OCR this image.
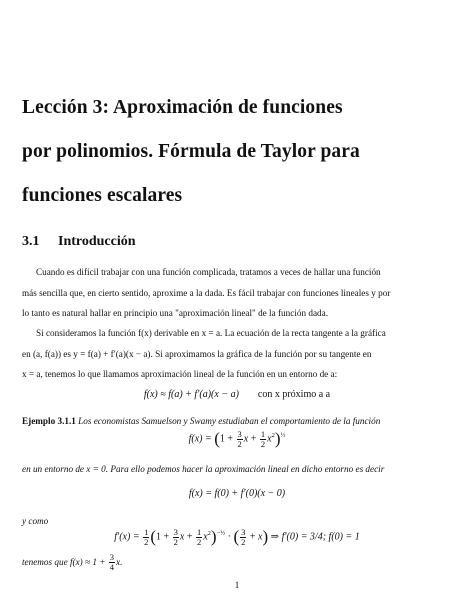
Lección 3: Aproximación de funciones
por polinomios. Fórmula de Taylor para
funciones escalares
3.1 Introducción
Cuando es difícil trabajar con una función complicada, tratamos a veces de hallar una función
más sencilla que, en cierto sentido, aproxime a la dada. Es fácil trabajar con funciones lineales y por
lo tanto es natural hallar en principio una "aproximación lineal" de la función dada.
Si consideramos la función f(x) derivable en x = a. La ecuación de la recta tangente a la gráfica
en (a, f(a)) es y = f(a) + f′(a)(x − a). Si aproximamos la gráfica de la función por su tangente en
x = a, tenemos lo que llamamos aproximación lineal de la función en un entorno de a:
f(x) ≈ f(a) + f′(a)(x − a) con x próximo a a
Ejemplo 3.1.1 Los economistas Samuelson y Swamy estudiaban el comportamiento de la función
$f(x) = (1 + \frac{3}{2}$ $x + \frac{1}{2} x^2)^{\frac{1}{2}}$
en un entorno de x = 0. Para ello podemos hacer la aproximación lineal en dicho entorno es decir
f(x) = f(0) + f′(0)(x − 0)
y como
$f'(x) = \frac{1}{2} (1 + \frac{3}{2}$ $x + \frac{1}{2} x^2)^{-\frac{1}{2}}$ · ( $\frac{3}{2} + x$) ⇒ f′(0) = 3/4; f(0) = 1
tenemos que $f(x) \approx 1 + \frac{3}{4} x$.
1
